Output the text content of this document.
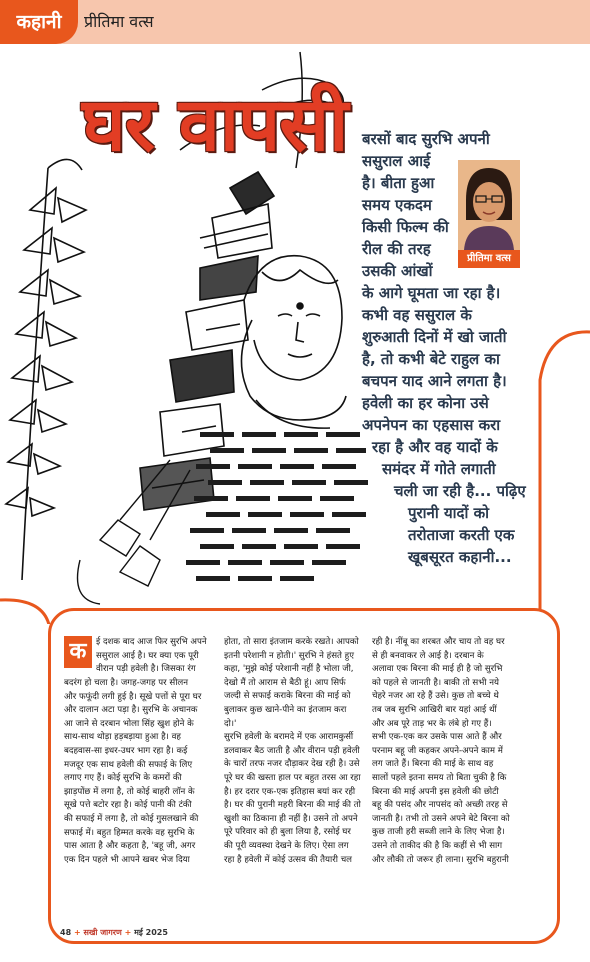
कहानी	प्रीतिमा वत्स
घर वापसी बरसों बाद सुरभि अपनी
ससुराल आई
है। बीता हुआ
समय एकदम
किसी फिल्म की
रील की तरह
उसकी आंखों
के आगे घूमता जा रहा है।
कभी वह ससुराल के
शुरुआती दिनों में खो जाती
है, तो कभी बेटे राहुल का
बचपन याद आने लगता है।
हवेली का हर कोना उसे
अपनेपन का एहसास करा
रहा है और वह यादों के
समंदर में गोते लगाती
चली जा रही है... पढ़िए
पुरानी यादों को
तरोताजा करती एक
खूबसूरत कहानी...
प्रीतिमा वत्स
क	ई दशक बाद आज फिर सुरभि अपने
ससुराल आई है। घर क्या एक पूरी
वीरान पड़ी हवेली है। जिसका रंग
बदरंग हो चला है। जगह-जगह पर सीलन
और फफूंदी लगी हुई है। सूखे पत्तों से पूरा घर
और दालान अटा पड़ा है। सुरभि के अचानक
आ जाने से दरबान भोला सिंह खुश होने के
साथ-साथ थोड़ा हड़बड़ाया हुआ है। वह
बदहवास-सा इधर-उधर भाग रहा है। कई
मजदूर एक साथ हवेली की सफाई के लिए
लगाए गए हैं। कोई सुरभि के कमरों की
झाड़पोंछ में लगा है, तो कोई बाहरी लॉन के
सूखे पत्ते बटोर रहा है। कोई पानी की टंकी
की सफाई में लगा है, तो कोई गुसलखाने की
सफाई में। बहुत हिम्मत करके वह सुरभि के
पास आता है और कहता है, 'बहू जी, अगर
एक दिन पहले भी आपने खबर भेज दिया
होता, तो सारा इंतजाम करके रखते। आपको
इतनी परेशानी न होती।' सुरभि ने हंसते हुए
कहा, 'मुझे कोई परेशानी नहीं है भोला जी,
देखो मैं तो आराम से बैठी हूं। आप सिर्फ
जल्दी से सफाई कराके बिरना की माई को
बुलाकर कुछ खाने-पीने का इंतजाम करा
दो।'
सुरभि हवेली के बरामदे में एक आरामकुर्सी
डलवाकर बैठ जाती है और वीरान पड़ी हवेली
के चारों तरफ नजर दौड़ाकर देख रही है। उसे
पूरे घर की खस्ता हाल पर बहुत तरस आ रहा
है। हर दरार एक-एक इतिहास बयां कर रही
है। घर की पुरानी महरी बिरना की माई की तो
खुशी का ठिकाना ही नहीं है। उसने तो अपने
पूरे परिवार को ही बुला लिया है, रसोई घर
की पूरी व्यवस्था देखने के लिए। ऐसा लग
रहा है हवेली में कोई उत्सव की तैयारी चल
रही है। नींबू का शरबत और चाय तो वह घर
से ही बनवाकर ले आई है। दरबान के
अलावा एक बिरना की माई ही है जो सुरभि
को पहले से जानती है। बाकी तो सभी नये
चेहरे नजर आ रहे हैं उसे। कुछ तो बच्चे थे
तब जब सुरभि आखिरी बार यहां आई थीं
और अब पूरे ताड़ भर के लंबे हो गए हैं।
सभी एक-एक कर उसके पास आते हैं और
परनाम बहू जी कहकर अपने-अपने काम में
लग जाते हैं। बिरना की माई के साथ वह
सालों पहले इतना समय तो बिता चुकी है कि
बिरना की माई अपनी इस हवेली की छोटी
बहू की पसंद और नापसंद को अच्छी तरह से
जानती है। तभी तो उसने अपने बेटे बिरना को
कुछ ताजी हरी सब्जी लाने के लिए भेजा है।
उसने तो ताकीद की है कि कहीं से भी साग
और लौकी तो जरूर ही लाना। सुरभि बहुरानी
48 + सखी जागरण + मई 2025
